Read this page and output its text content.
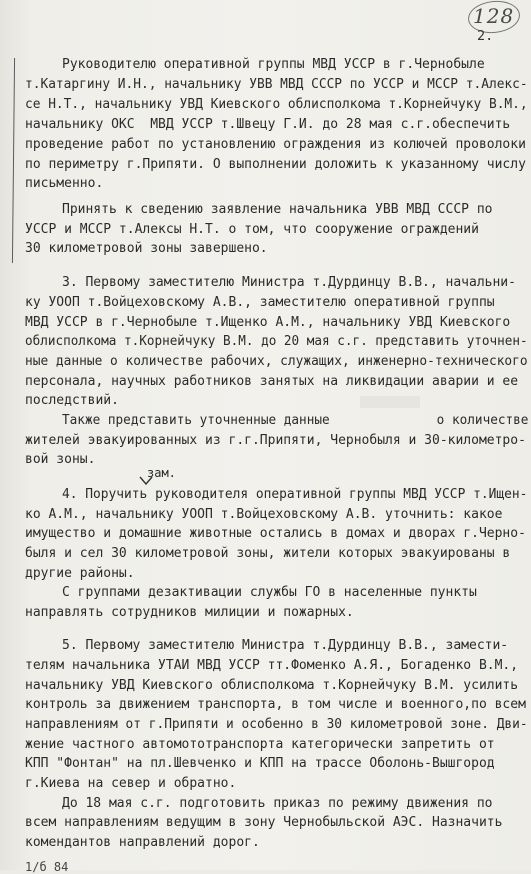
128
2.
зам.
Руководителю оперативной группы МВД УССР в г.Чернобыле
т.Катаргину И.Н., начальнику УВВ МВД СССР по УССР и МССР т.Алекс-
се Н.Т., начальнику УВД Киевского облисполкома т.Корнейчуку В.М.,
начальнику ОКС  МВД УССР т.Швецу Г.И. до 28 мая с.г.обеспечить
проведение работ по установлению ограждения из колючей проволоки
по периметру г.Припяти. О выполнении доложить к указанному числу
письменно.
Принять к сведению заявление начальника УВВ МВД СССР по
УССР и МССР т.Алексы Н.Т. о том, что сооружение ограждений
30 километровой зоны завершено.
3. Первому заместителю Министра т.Дурдинцу В.В., начальни-
ку УООП т.Войцеховскому А.В., заместителю оперативной группы
МВД УССР в г.Чернобыле т.Ищенко А.М., начальнику УВД Киевского
облисполкома т.Корнейчуку В.М. до 20 мая с.г. представить уточнен-
ные данные о количестве рабочих, служащих, инженерно-технического
персонала, научных работников занятых на ликвидации аварии и ее
последствий.
Также представить уточненные данные              о количестве
жителей эвакуированных из г.г.Припяти, Чернобыля и 30-километро-
вой зоны.
4. Поручить руководителя оперативной группы МВД УССР т.Ищен-
ко А.М., начальнику УООП т.Войцеховскому А.В. уточнить: какое
имущество и домашние животные остались в домах и дворах г.Черно-
быля и сел 30 километровой зоны, жители которых эвакуированы в
другие районы.
С группами дезактивации службы ГО в населенные пункты
направлять сотрудников милиции и пожарных.
5. Первому заместителю Министра т.Дурдинцу В.В., замести-
телям начальника УТАИ МВД УССР тт.Фоменко А.Я., Богаденко В.М.,
начальнику УВД Киевского облисполкома т.Корнейчуку В.М. усилить
контроль за движением транспорта, в том числе и военного,по всем
направлениям от г.Припяти и особенно в 30 километровой зоне. Дви-
жение частного автомототранспорта категорически запретить от
КПП "Фонтан" на пл.Шевченко и КПП на трассе Оболонь-Вышгород
г.Киева на север и обратно.
До 18 мая с.г. подготовить приказ по режиму движения по
всем направлениям ведущим в зону Чернобыльской АЭС. Назначить
комендантов направлений дорог.
1/б 84
